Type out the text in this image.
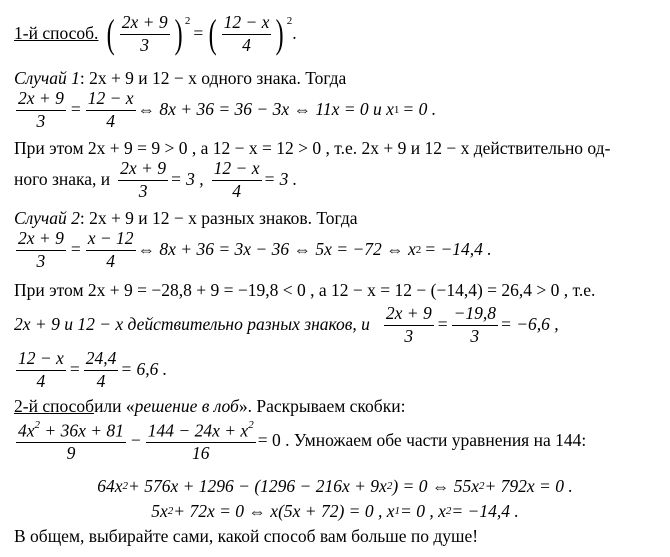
1-й способ. ( 2x + 9
3 )$^2$
= ( 12 − x
4 )$^2$
.
Случай 1 : 2x + 9 и 12 − x одного знака. Тогда
$\frac{2x + 9}{3} = \frac{12 - x}{4}$ ⇔ 8x + 36 = 36 − 3x ⇔ 11x = 0 и x 1 = 0 .
При этом 2x + 9 = 9 > 0 , а 12 − x = 12 > 0 , т.е. 2x + 9 и 12 − x действительно од-
ного знака, и $\frac{2x + 9}{3} = 3$ , $\frac{12 - x}{4} = 3$ .
Случай 2 : 2x + 9 и 12 − x разных знаков. Тогда
$\frac{2x + 9}{3} = \frac{x - 12}{4}$ ⇔ 8x + 36 = 3x − 36 ⇔ 5x = −72 ⇔ x 2 = −14,4 .
При этом 2x + 9 = −28,8 + 9 = −19,8 < 0 , а 12 − x = 12 − (−14,4) = 26,4 > 0 , т.е.
2x + 9 и 12 − x действительно разных знаков, и $\frac{2x + 9}{3} = \frac{-19,8}{3} = -6,6$ ,
$\frac{12 - x}{4} = \frac{24,4}{4} = 6,6$ .
2-й способ или « решение в лоб ». Раскрываем скобки:
$4x^2 + 36x + 81$
9
− $\frac{144 - 24x + x^2}{16} = 0$ . Умножаем обе части уравнения на 144:
64x 2 + 576x + 1296 − (1296 − 216x + 9x 2 ) = 0 ⇔ 55x 2 + 792x = 0 .
5x 2 + 72x = 0 ⇔ x(5x + 72) = 0 , x 1 = 0 , x 2 = −14,4 .
В общем, выбирайте сами, какой способ вам больше по душе!
